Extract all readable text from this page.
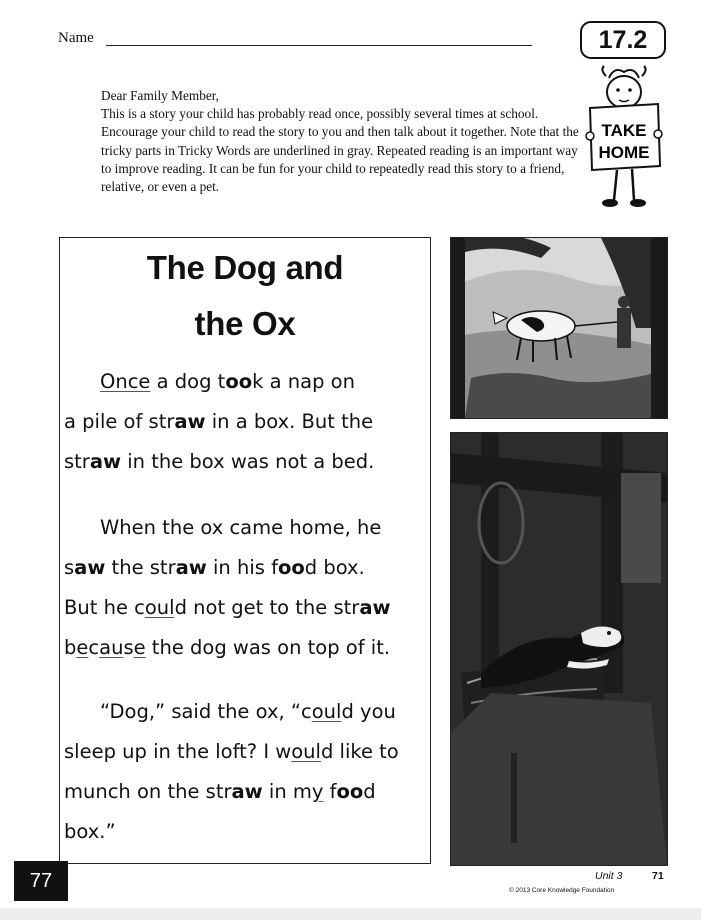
Name	17.2
Dear Family Member,
This is a story your child has probably read once, possibly several times at school. Encourage your child to read the story to you and then talk about it together. Note that the tricky parts in Tricky Words are underlined in gray. Repeated reading is an important way to improve reading. It can be fun for your child to repeatedly read this story to a friend, relative, or even a pet.
TAKE
HOME
The Dog and
the Ox
Once a dog took a nap on
a pile of straw in a box. But the
straw in the box was not a bed.
When the ox came home, he
saw the straw in his food box.
But he could not get to the straw
because the dog was on top of it.
“Dog,” said the ox, “could you
sleep up in the loft? I would like to
munch on the straw in my food
box.”
77	Unit 3	71
© 2013 Core Knowledge Foundation
